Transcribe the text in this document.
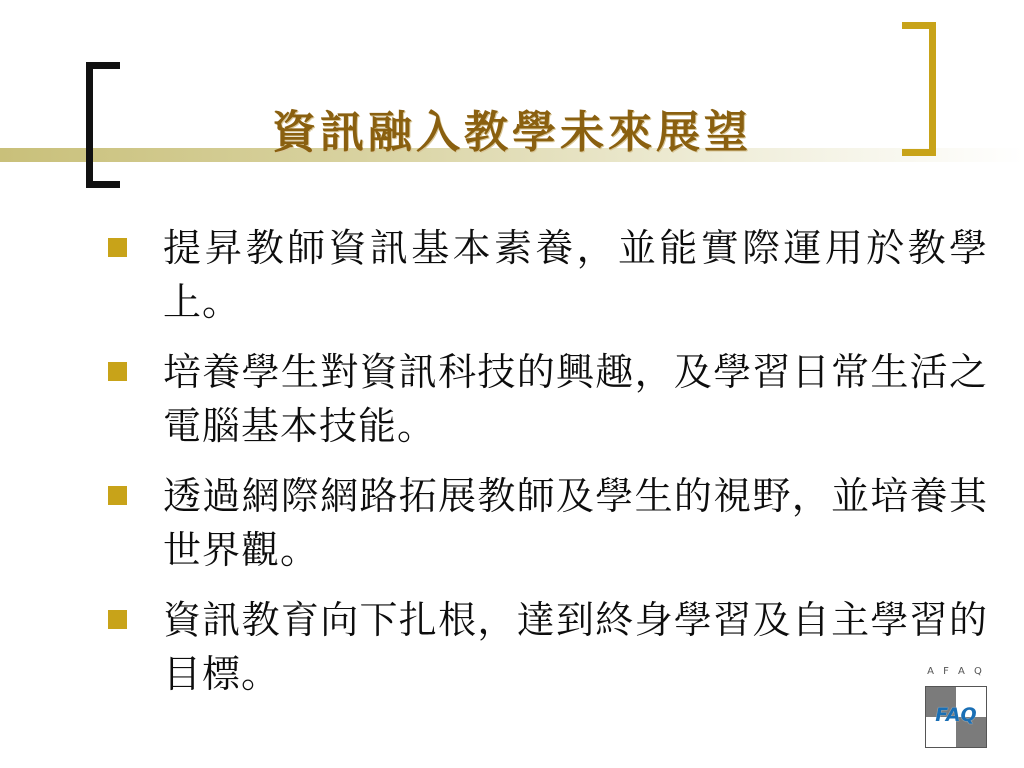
資訊融入教學未來展望
提昇教師資訊基本素養，並能實際運用於教學上。
培養學生對資訊科技的興趣，及學習日常生活之電腦基本技能。
透過網際網路拓展教師及學生的視野，並培養其世界觀。
資訊教育向下扎根，達到終身學習及自主學習的目標。	A F A Q
FAQ
